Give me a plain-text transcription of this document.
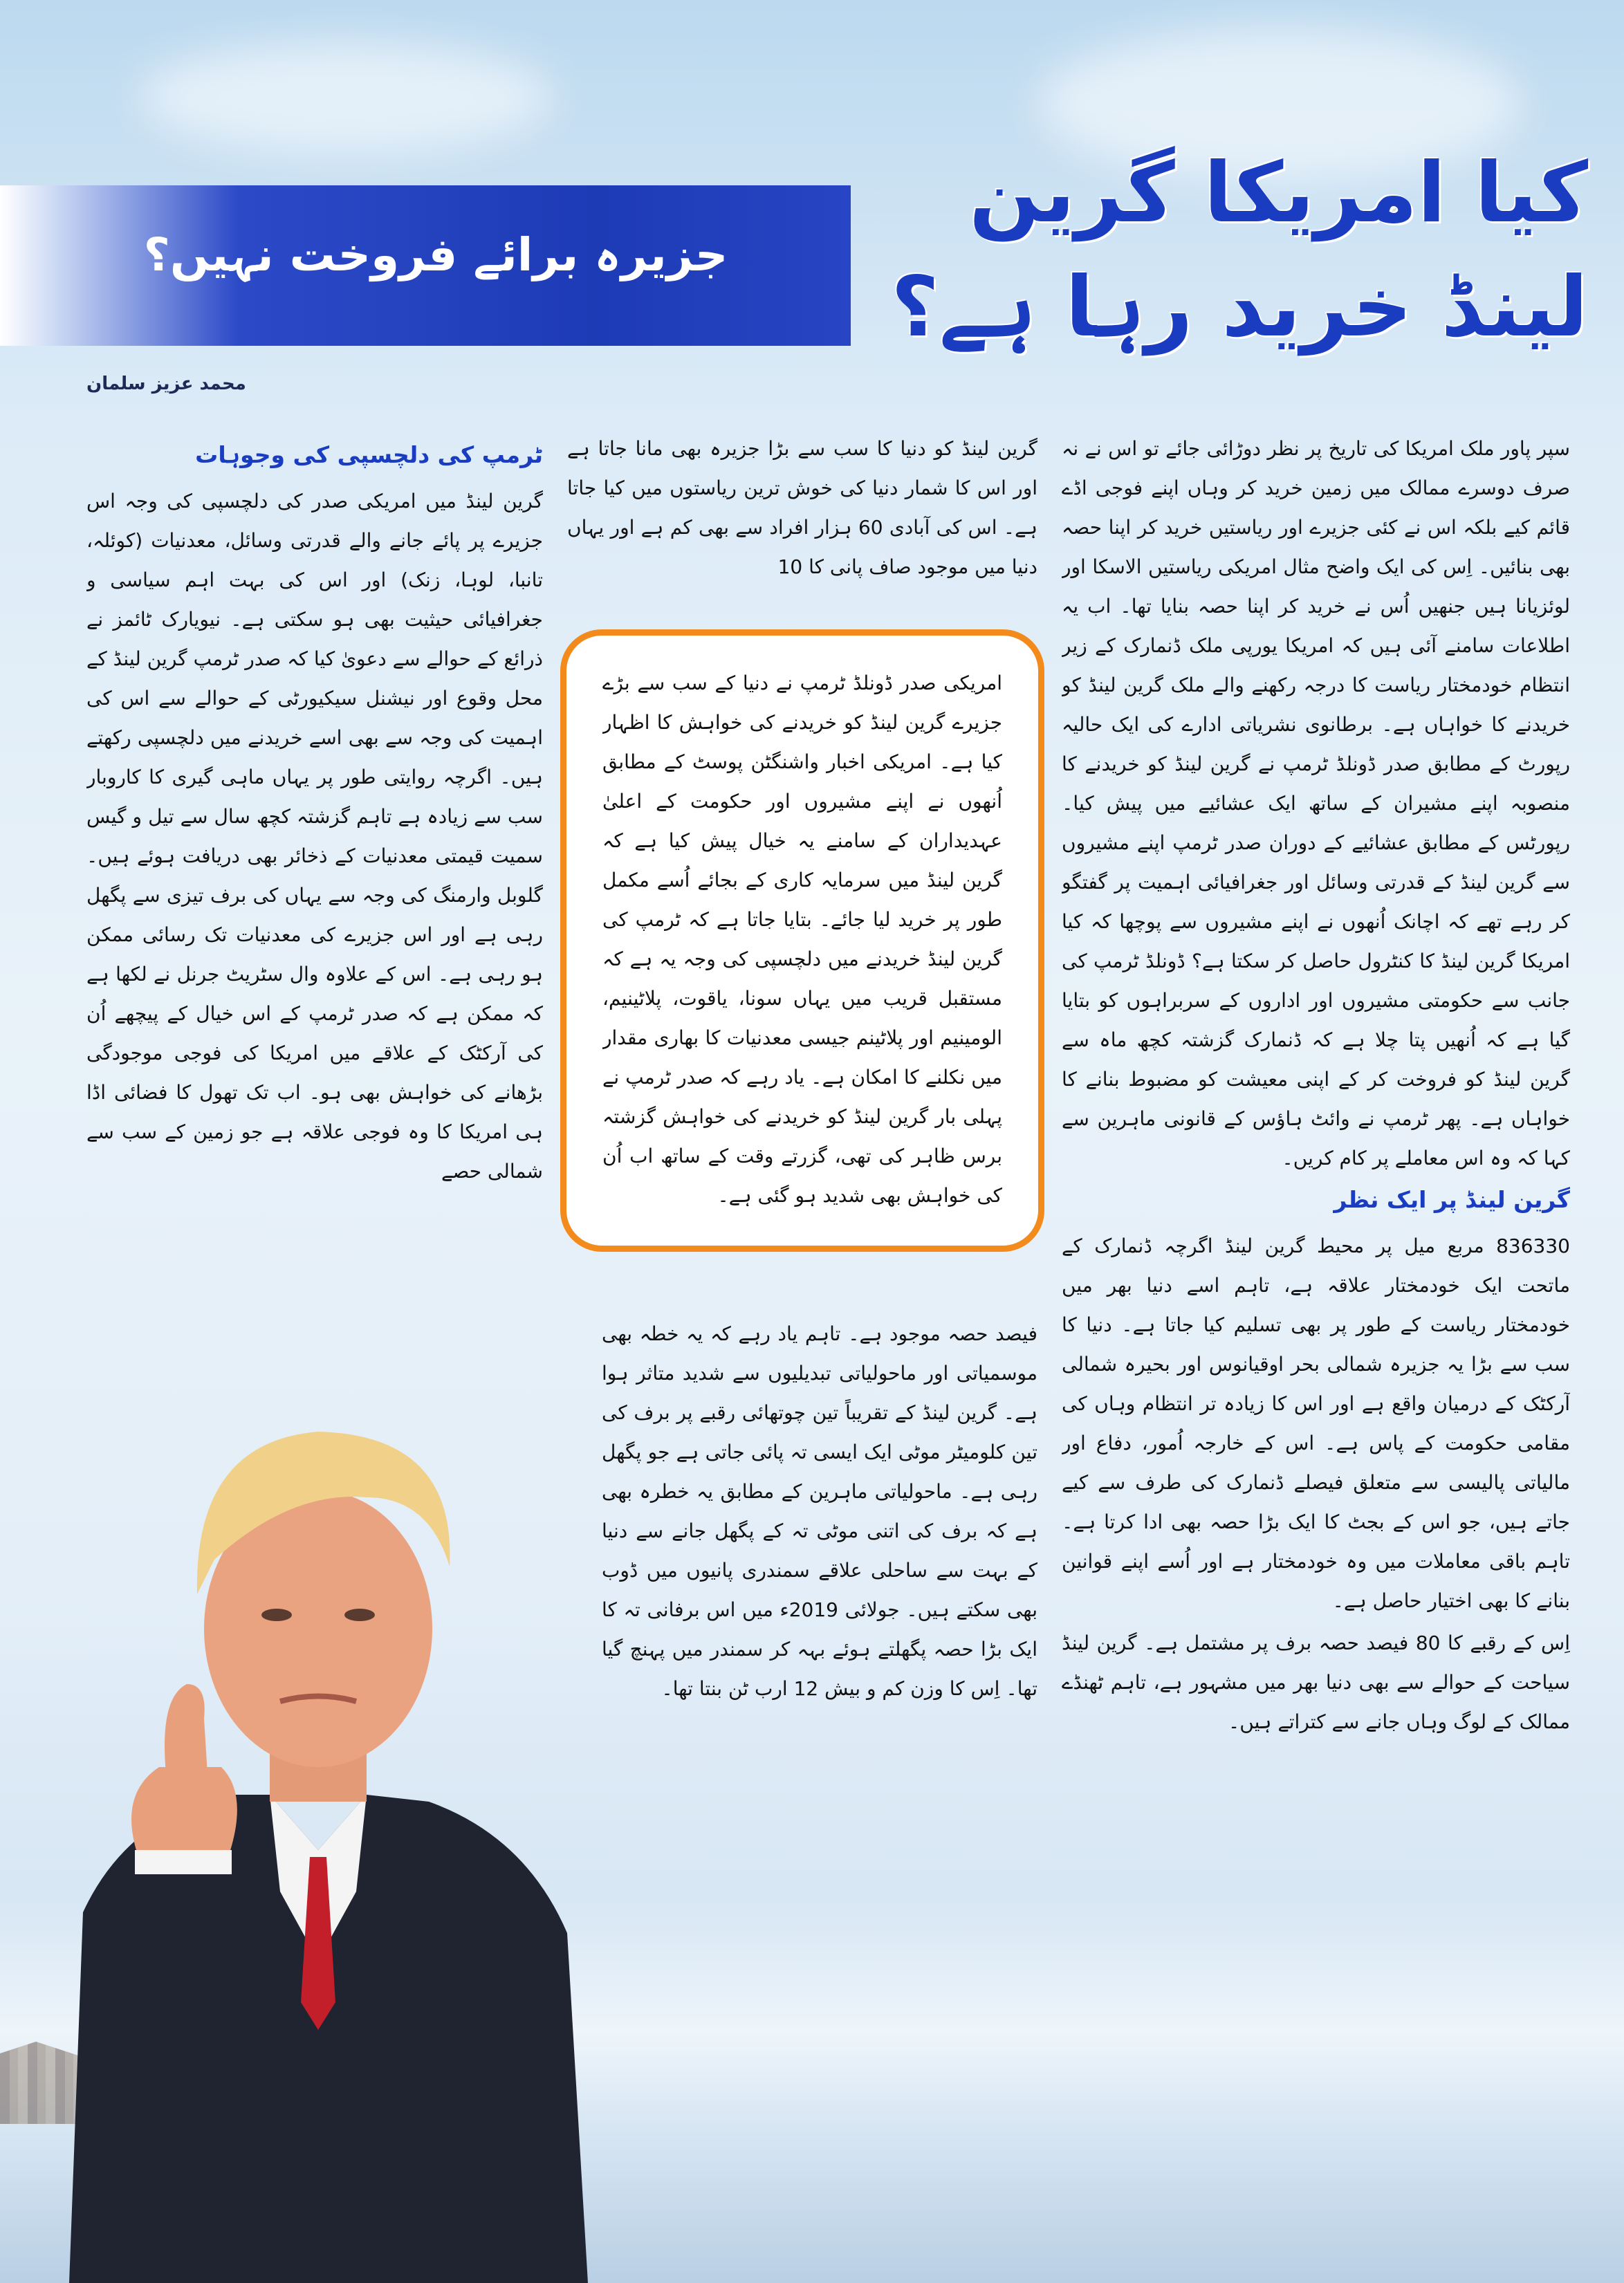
کیا امریکا گرین
لینڈ خرید رہا ہے؟
جزیرہ برائے فروخت نہیں؟
محمد عزیز سلمان

سپر پاور ملک امریکا کی تاریخ پر نظر دوڑائی جائے تو اس نے نہ صرف دوسرے ممالک میں زمین خرید کر وہاں اپنے فوجی اڈے قائم کیے بلکہ اس نے کئی جزیرے اور ریاستیں خرید کر اپنا حصہ بھی بنائیں۔ اِس کی ایک واضح مثال امریکی ریاستیں الاسکا اور لوئزیانا ہیں جنھیں اُس نے خرید کر اپنا حصہ بنایا تھا۔ اب یہ اطلاعات سامنے آئی ہیں کہ امریکا یورپی ملک ڈنمارک کے زیر انتظام خودمختار ریاست کا درجہ رکھنے والے ملک گرین لینڈ کو خریدنے کا خواہاں ہے۔ برطانوی نشریاتی ادارے کی ایک حالیہ رپورٹ کے مطابق صدر ڈونلڈ ٹرمپ نے گرین لینڈ کو خریدنے کا منصوبہ اپنے مشیران کے ساتھ ایک عشائیے میں پیش کیا۔ رپورٹس کے مطابق عشائیے کے دوران صدر ٹرمپ اپنے مشیروں سے گرین لینڈ کے قدرتی وسائل اور جغرافیائی اہمیت پر گفتگو کر رہے تھے کہ اچانک اُنھوں نے اپنے مشیروں سے پوچھا کہ کیا امریکا گرین لینڈ کا کنٹرول حاصل کر سکتا ہے؟ ڈونلڈ ٹرمپ کی جانب سے حکومتی مشیروں اور اداروں کے سربراہوں کو بتایا گیا ہے کہ اُنھیں پتا چلا ہے کہ ڈنمارک گزشتہ کچھ ماہ سے گرین لینڈ کو فروخت کر کے اپنی معیشت کو مضبوط بنانے کا خواہاں ہے۔ پھر ٹرمپ نے وائٹ ہاؤس کے قانونی ماہرین سے کہا کہ وہ اس معاملے پر کام کریں۔

گرین لینڈ پر ایک نظر

836330 مربع میل پر محیط گرین لینڈ اگرچہ ڈنمارک کے ماتحت ایک خودمختار علاقہ ہے، تاہم اسے دنیا بھر میں خودمختار ریاست کے طور پر بھی تسلیم کیا جاتا ہے۔ دنیا کا سب سے بڑا یہ جزیرہ شمالی بحر اوقیانوس اور بحیرہ شمالی آرکٹک کے درمیان واقع ہے اور اس کا زیادہ تر انتظام وہاں کی مقامی حکومت کے پاس ہے۔ اس کے خارجہ اُمور، دفاع اور مالیاتی پالیسی سے متعلق فیصلے ڈنمارک کی طرف سے کیے جاتے ہیں، جو اس کے بجٹ کا ایک بڑا حصہ بھی ادا کرتا ہے۔ تاہم باقی معاملات میں وہ خودمختار ہے اور اُسے اپنے قوانین بنانے کا بھی اختیار حاصل ہے۔

اِس کے رقبے کا 80 فیصد حصہ برف پر مشتمل ہے۔ گرین لینڈ سیاحت کے حوالے سے بھی دنیا بھر میں مشہور ہے، تاہم ٹھنڈے ممالک کے لوگ وہاں جانے سے کتراتے ہیں۔

گرین لینڈ کو دنیا کا سب سے بڑا جزیرہ بھی مانا جاتا ہے اور اس کا شمار دنیا کی خوش ترین ریاستوں میں کیا جاتا ہے۔ اس کی آبادی 60 ہزار افراد سے بھی کم ہے اور یہاں دنیا میں موجود صاف پانی کا 10

امریکی صدر ڈونلڈ ٹرمپ نے دنیا کے سب سے بڑے جزیرے گرین لینڈ کو خریدنے کی خواہش کا اظہار کیا ہے۔ امریکی اخبار واشنگٹن پوسٹ کے مطابق اُنھوں نے اپنے مشیروں اور حکومت کے اعلیٰ عہدیداران کے سامنے یہ خیال پیش کیا ہے کہ گرین لینڈ میں سرمایہ کاری کے بجائے اُسے مکمل طور پر خرید لیا جائے۔ بتایا جاتا ہے کہ ٹرمپ کی گرین لینڈ خریدنے میں دلچسپی کی وجہ یہ ہے کہ مستقبل قریب میں یہاں سونا، یاقوت، پلاٹینیم، الومینیم اور پلاٹینم جیسی معدنیات کا بھاری مقدار میں نکلنے کا امکان ہے۔ یاد رہے کہ صدر ٹرمپ نے پہلی بار گرین لینڈ کو خریدنے کی خواہش گزشتہ برس ظاہر کی تھی، گزرتے وقت کے ساتھ اب اُن کی خواہش بھی شدید ہو گئی ہے۔

فیصد حصہ موجود ہے۔ تاہم یاد رہے کہ یہ خطہ بھی موسمیاتی اور ماحولیاتی تبدیلیوں سے شدید متاثر ہوا ہے۔ گرین لینڈ کے تقریباً تین چوتھائی رقبے پر برف کی تین کلومیٹر موٹی ایک ایسی تہ پائی جاتی ہے جو پگھل رہی ہے۔ ماحولیاتی ماہرین کے مطابق یہ خطرہ بھی ہے کہ برف کی اتنی موٹی تہ کے پگھل جانے سے دنیا کے بہت سے ساحلی علاقے سمندری پانیوں میں ڈوب بھی سکتے ہیں۔ جولائی 2019ء میں اس برفانی تہ کا ایک بڑا حصہ پگھلتے ہوئے بہہ کر سمندر میں پہنچ گیا تھا۔ اِس کا وزن کم و بیش 12 ارب ٹن بنتا تھا۔

ٹرمپ کی دلچسپی کی وجوہات

گرین لینڈ میں امریکی صدر کی دلچسپی کی وجہ اس جزیرے پر پائے جانے والے قدرتی وسائل، معدنیات (کوئلہ، تانبا، لوہا، زنک) اور اس کی بہت اہم سیاسی و جغرافیائی حیثیت بھی ہو سکتی ہے۔ نیویارک ٹائمز نے ذرائع کے حوالے سے دعویٰ کیا کہ صدر ٹرمپ گرین لینڈ کے محل وقوع اور نیشنل سیکیورٹی کے حوالے سے اس کی اہمیت کی وجہ سے بھی اسے خریدنے میں دلچسپی رکھتے ہیں۔ اگرچہ روایتی طور پر یہاں ماہی گیری کا کاروبار سب سے زیادہ ہے تاہم گزشتہ کچھ سال سے تیل و گیس سمیت قیمتی معدنیات کے ذخائر بھی دریافت ہوئے ہیں۔ گلوبل وارمنگ کی وجہ سے یہاں کی برف تیزی سے پگھل رہی ہے اور اس جزیرے کی معدنیات تک رسائی ممکن ہو رہی ہے۔ اس کے علاوہ وال سٹریٹ جرنل نے لکھا ہے کہ ممکن ہے کہ صدر ٹرمپ کے اس خیال کے پیچھے اُن کی آرکٹک کے علاقے میں امریکا کی فوجی موجودگی بڑھانے کی خواہش بھی ہو۔ اب تک تھول کا فضائی اڈا ہی امریکا کا وہ فوجی علاقہ ہے جو زمین کے سب سے شمالی حصے
